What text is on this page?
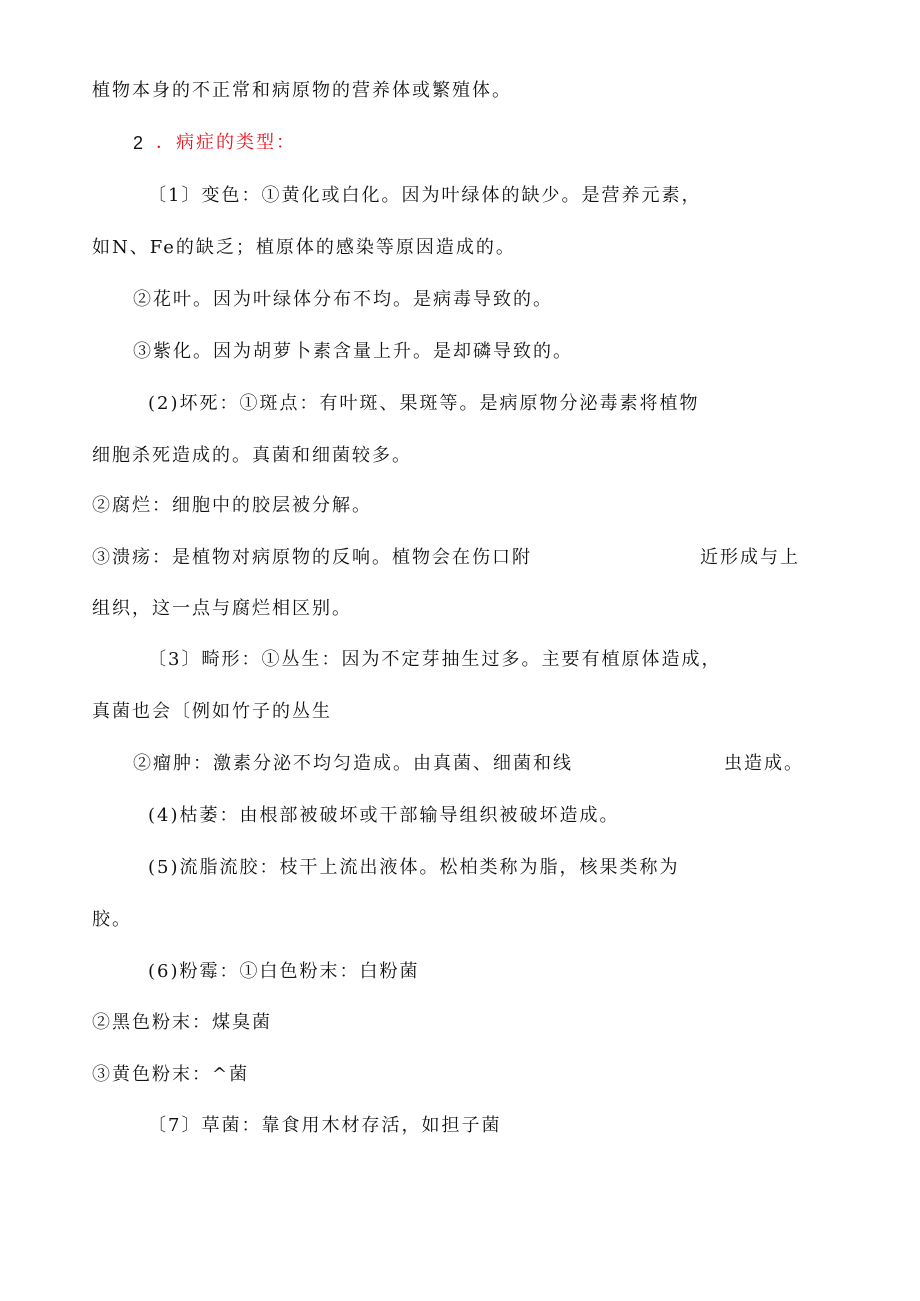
植物本身的不正常和病原物的营养体或繁殖体。
2 ．病症的类型：
〔1〕变色：①黄化或白化。因为叶绿体的缺少。是营养元素，
如N、Fe的缺乏；植原体的感染等原因造成的。
②花叶。因为叶绿体分布不均。是病毒导致的。
③紫化。因为胡萝卜素含量上升。是却磷导致的。
(2)坏死：①斑点：有叶斑、果斑等。是病原物分泌毒素将植物
细胞杀死造成的。真菌和细菌较多。
②腐烂：细胞中的胶层被分解。
③溃疡：是植物对病原物的反响。植物会在伤口附	近形成与上
组织，这一点与腐烂相区别。
〔3〕畸形：①丛生：因为不定芽抽生过多。主要有植原体造成，
真菌也会〔例如竹子的丛生
②瘤肿：激素分泌不均匀造成。由真菌、细菌和线	虫造成。
(4)枯萎：由根部被破坏或干部输导组织被破坏造成。
(5)流脂流胶：枝干上流出液体。松柏类称为脂，核果类称为
胶。
(6)粉霉：①白色粉末：白粉菌
②黑色粉末：煤臭菌
③黄色粉末：^菌
〔7〕草菌：靠食用木材存活，如担子菌
